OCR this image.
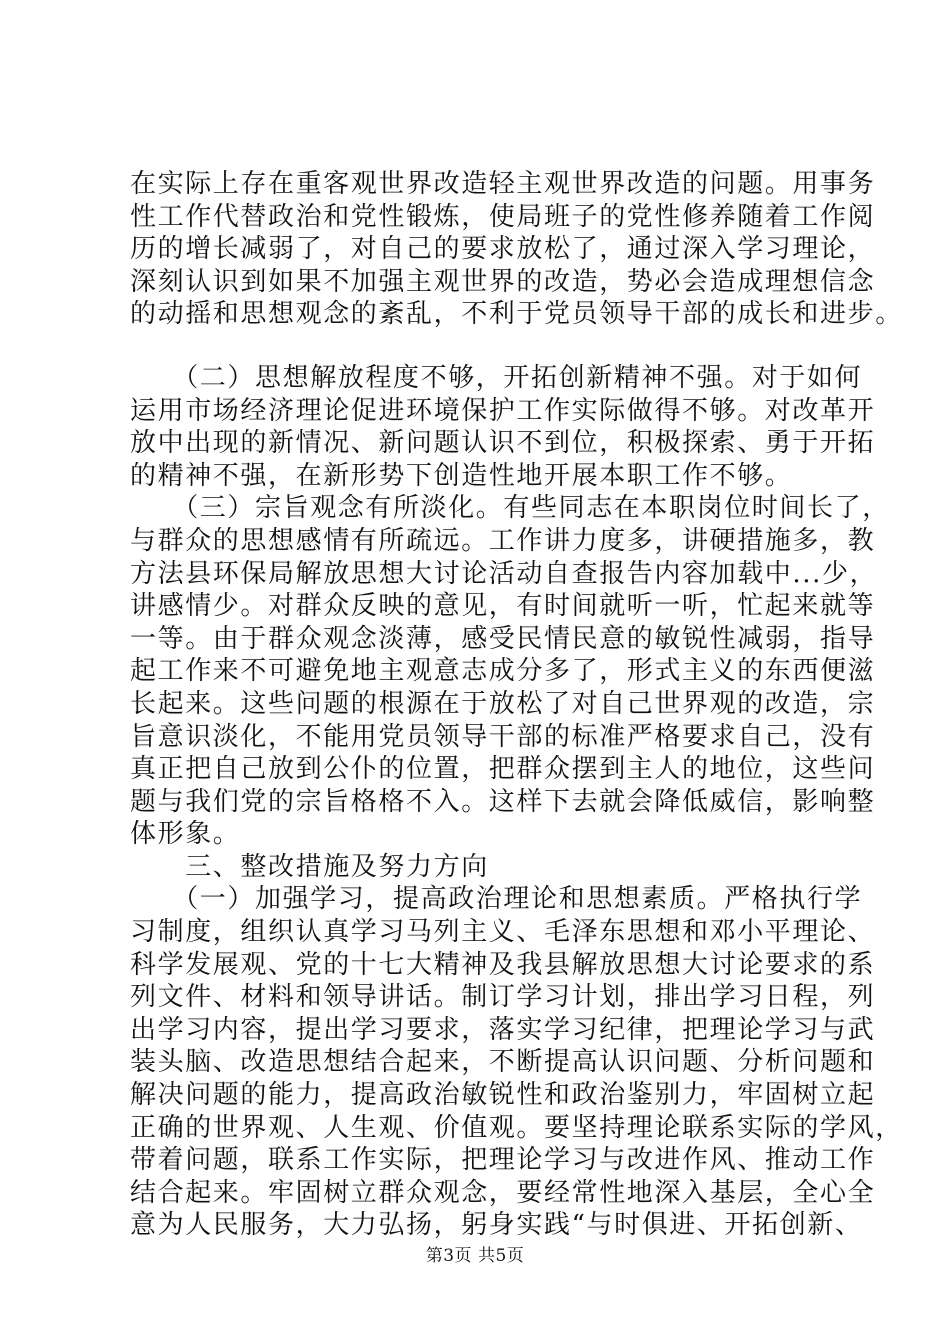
在实际上存在重客观世界改造轻主观世界改造的问题。用事务
性工作代替政治和党性锻炼，使局班子的党性修养随着工作阅
历的增长减弱了，对自己的要求放松了，通过深入学习理论，
深刻认识到如果不加强主观世界的改造，势必会造成理想信念
的动摇和思想观念的紊乱，不利于党员领导干部的成长和进步。
　　（二）思想解放程度不够，开拓创新精神不强。对于如何
运用市场经济理论促进环境保护工作实际做得不够。对改革开
放中出现的新情况、新问题认识不到位，积极探索、勇于开拓
的精神不强，在新形势下创造性地开展本职工作不够。
　　（三）宗旨观念有所淡化。有些同志在本职岗位时间长了，
与群众的思想感情有所疏远。工作讲力度多，讲硬措施多，教
方法县环保局解放思想大讨论活动自查报告内容加载中...少，
讲感情少。对群众反映的意见，有时间就听一听，忙起来就等
一等。由于群众观念淡薄，感受民情民意的敏锐性减弱，指导
起工作来不可避免地主观意志成分多了，形式主义的东西便滋
长起来。这些问题的根源在于放松了对自己世界观的改造，宗
旨意识淡化，不能用党员领导干部的标准严格要求自己，没有
真正把自己放到公仆的位置，把群众摆到主人的地位，这些问
题与我们党的宗旨格格不入。这样下去就会降低威信，影响整
体形象。
　　三、整改措施及努力方向
　　（一）加强学习，提高政治理论和思想素质。严格执行学
习制度，组织认真学习马列主义、毛泽东思想和邓小平理论、
科学发展观、党的十七大精神及我县解放思想大讨论要求的系
列文件、材料和领导讲话。制订学习计划，排出学习日程，列
出学习内容，提出学习要求，落实学习纪律，把理论学习与武
装头脑、改造思想结合起来，不断提高认识问题、分析问题和
解决问题的能力，提高政治敏锐性和政治鉴别力，牢固树立起
正确的世界观、人生观、价值观。要坚持理论联系实际的学风，
带着问题，联系工作实际，把理论学习与改进作风、推动工作
结合起来。牢固树立群众观念，要经常性地深入基层，全心全
意为人民服务，大力弘扬，躬身实践“与时俱进、开拓创新、
第3页 共5页
